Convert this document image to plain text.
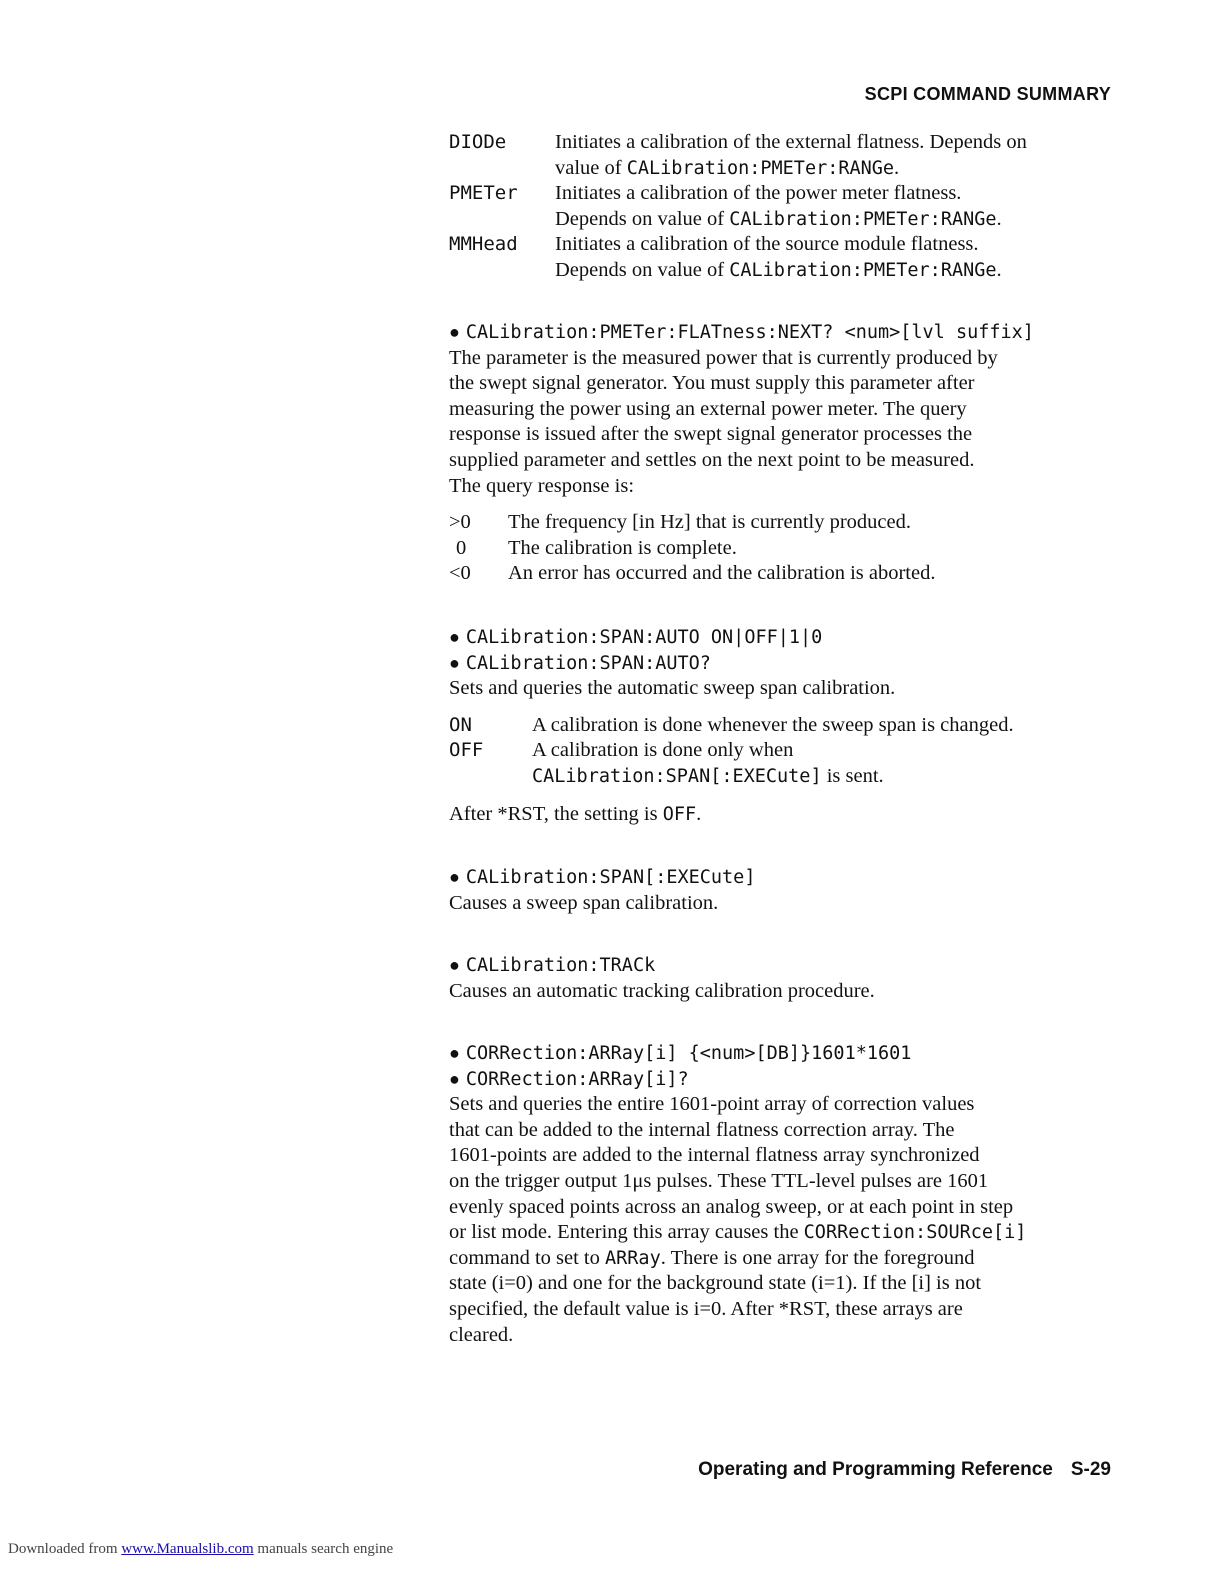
SCPI COMMAND SUMMARY
DIODe	Initiates a calibration of the external flatness. Depends on
value of
CALibration:PMETer:RANGe .
PMETer	Initiates a calibration of the power meter flatness.
Depends on value of
CALibration:PMETer:RANGe .
MMHead	Initiates a calibration of the source module flatness.
Depends on value of
CALibration:PMETer:RANGe .
● CALibration:PMETer:FLATness:NEXT? <num>[lvl suffix]
The parameter is the measured power that is currently produced by
the swept signal generator. You must supply this parameter after
measuring the power using an external power meter. The query
response is issued after the swept signal generator processes the
supplied parameter and settles on the next point to be measured.
The query response is:
>0	The frequency [in Hz] that is currently produced.
0	The calibration is complete.
<0	An error has occurred and the calibration is aborted.
● CALibration:SPAN:AUTO ON|OFF|1|0
● CALibration:SPAN:AUTO?
Sets and queries the automatic sweep span calibration.
ON	A calibration is done whenever the sweep span is changed.
OFF	A calibration is done only when
CALibration:SPAN[:EXECute] is sent.
After *RST, the setting is OFF.
● CALibration:SPAN[:EXECute]
Causes a sweep span calibration.
● CALibration:TRACk
Causes an automatic tracking calibration procedure.
● CORRection:ARRay[i] {<num>[DB]}1601*1601
● CORRection:ARRay[i]?
Sets and queries the entire 1601-point array of correction values
that can be added to the internal flatness correction array. The
1601-points are added to the internal flatness array synchronized
on the trigger output 1μs pulses. These TTL-level pulses are 1601
evenly spaced points across an analog sweep, or at each point in step
or list mode. Entering this array causes the CORRection:SOURce[i]
command to set to ARRay. There is one array for the foreground
state (i=0) and one for the background state (i=1). If the [i] is not
specified, the default value is i=0. After *RST, these arrays are
cleared.
Operating and Programming Reference S-29
Downloaded from www.Manualslib.com manuals search engine
